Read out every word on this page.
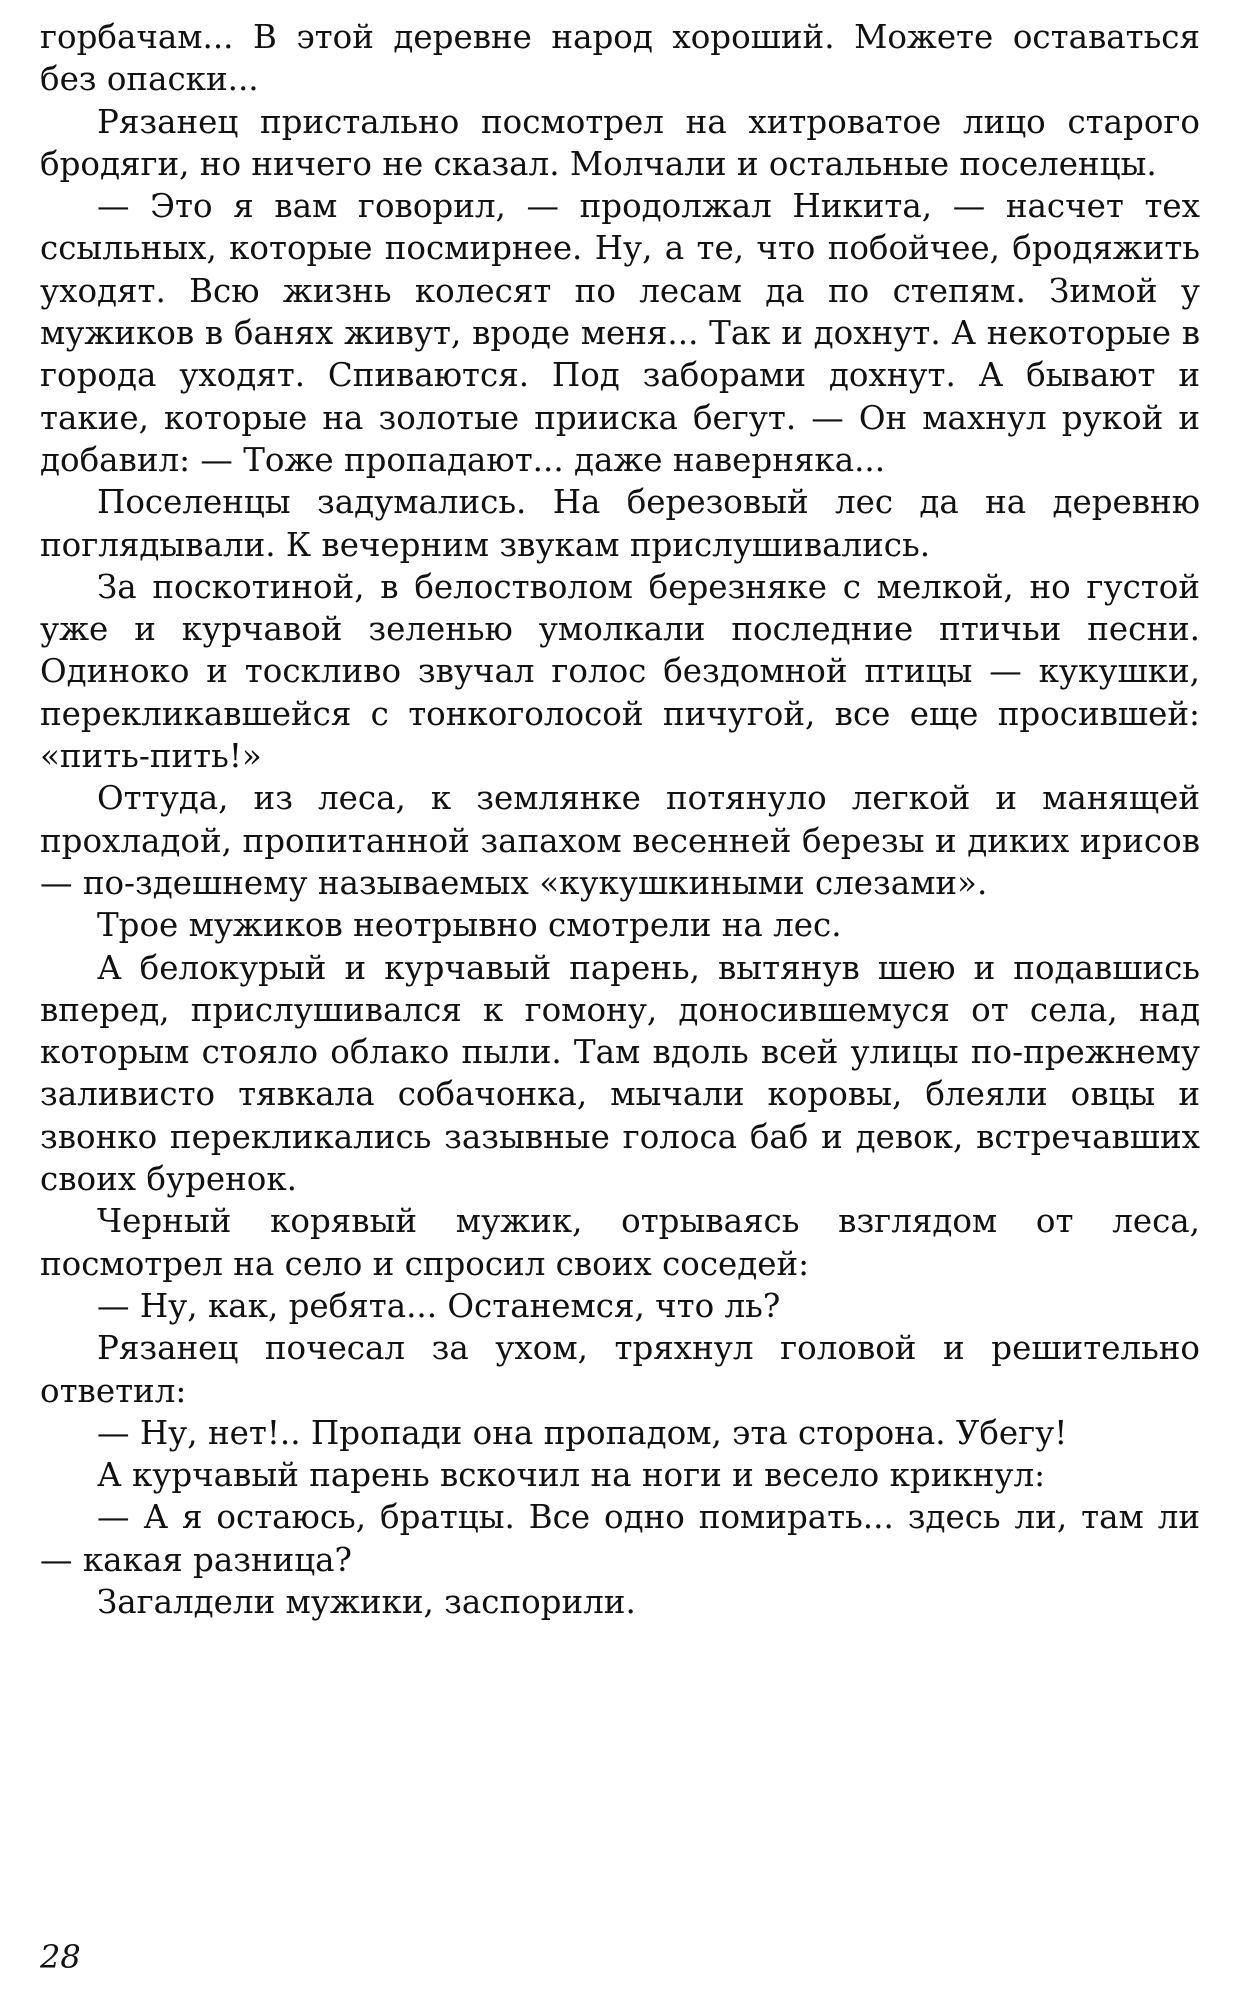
горбачам... В этой деревне народ хороший. Можете оставаться без опаски...

Рязанец пристально посмотрел на хитроватое лицо старого бродяги, но ничего не сказал. Молчали и остальные поселенцы.

— Это я вам говорил, — продолжал Никита, — насчет тех ссыльных, которые посмирнее. Ну, а те, что побойчее, бродяжить уходят. Всю жизнь колесят по лесам да по степям. Зимой у мужиков в банях живут, вроде меня... Так и дохнут. А некоторые в города уходят. Спиваются. Под заборами дохнут. А бывают и такие, которые на золотые прииска бегут. — Он махнул рукой и добавил: — Тоже пропадают... даже наверняка...

Поселенцы задумались. На березовый лес да на деревню поглядывали. К вечерним звукам прислушивались.

За поскотиной, в белостволом березняке с мелкой, но густой уже и курчавой зеленью умолкали последние птичьи песни. Одиноко и тоскливо звучал голос бездомной птицы — кукушки, перекликавшейся с тонкоголосой пичугой, все еще просившей: «пить-пить!»

Оттуда, из леса, к землянке потянуло легкой и манящей прохладой, пропитанной запахом весенней березы и диких ирисов — по-здешнему называемых «кукушкиными слезами».

Трое мужиков неотрывно смотрели на лес.

А белокурый и курчавый парень, вытянув шею и подавшись вперед, прислушивался к гомону, доносившемуся от села, над которым стояло облако пыли. Там вдоль всей улицы по-прежнему заливисто тявкала собачонка, мычали коровы, блеяли овцы и звонко перекликались зазывные голоса баб и девок, встречавших своих буренок.

Черный корявый мужик, отрываясь взглядом от леса, посмотрел на село и спросил своих соседей:

— Ну, как, ребята... Останемся, что ль?

Рязанец почесал за ухом, тряхнул головой и решительно ответил:

— Ну, нет!.. Пропади она пропадом, эта сторона. Убегу!

А курчавый парень вскочил на ноги и весело крикнул:

— А я остаюсь, братцы. Все одно помирать... здесь ли, там ли — какая разница?

Загалдели мужики, заспорили.

28
